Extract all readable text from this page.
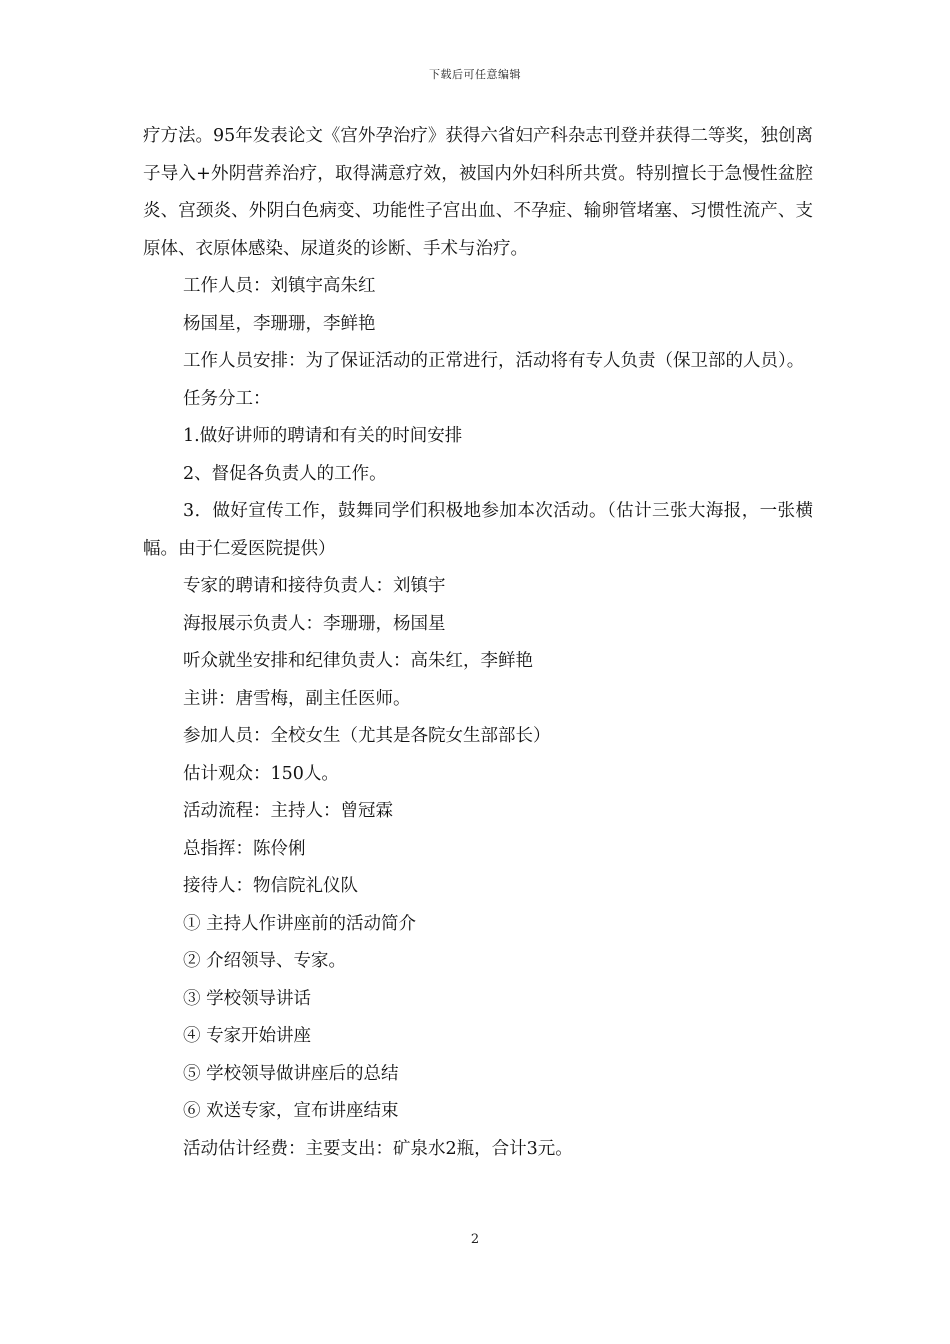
下载后可任意编辑

疗方法。95年发表论文《宫外孕治疗》获得六省妇产科杂志刊登并获得二等奖，独创离子导入+外阴营养治疗，取得满意疗效，被国内外妇科所共赏。特别擅长于急慢性盆腔炎、宫颈炎、外阴白色病变、功能性子宫出血、不孕症、输卵管堵塞、习惯性流产、支原体、衣原体感染、尿道炎的诊断、手术与治疗。

工作人员：刘镇宇高朱红

杨国星，李珊珊，李鲜艳

工作人员安排：为了保证活动的正常进行，活动将有专人负责（保卫部的人员）。

任务分工：

1.做好讲师的聘请和有关的时间安排

2、督促各负责人的工作。

3．做好宣传工作，鼓舞同学们积极地参加本次活动。（估计三张大海报，一张横幅。由于仁爱医院提供）

专家的聘请和接待负责人：刘镇宇

海报展示负责人：李珊珊，杨国星

听众就坐安排和纪律负责人：高朱红，李鲜艳

主讲：唐雪梅，副主任医师。

参加人员：全校女生（尤其是各院女生部部长）

估计观众：150人。

活动流程：主持人：曾冠霖

总指挥：陈伶俐

接待人：物信院礼仪队

① 主持人作讲座前的活动简介

② 介绍领导、专家。

③ 学校领导讲话

④ 专家开始讲座

⑤ 学校领导做讲座后的总结

⑥ 欢送专家，宣布讲座结束

活动估计经费：主要支出：矿泉水2瓶，合计3元。

2
